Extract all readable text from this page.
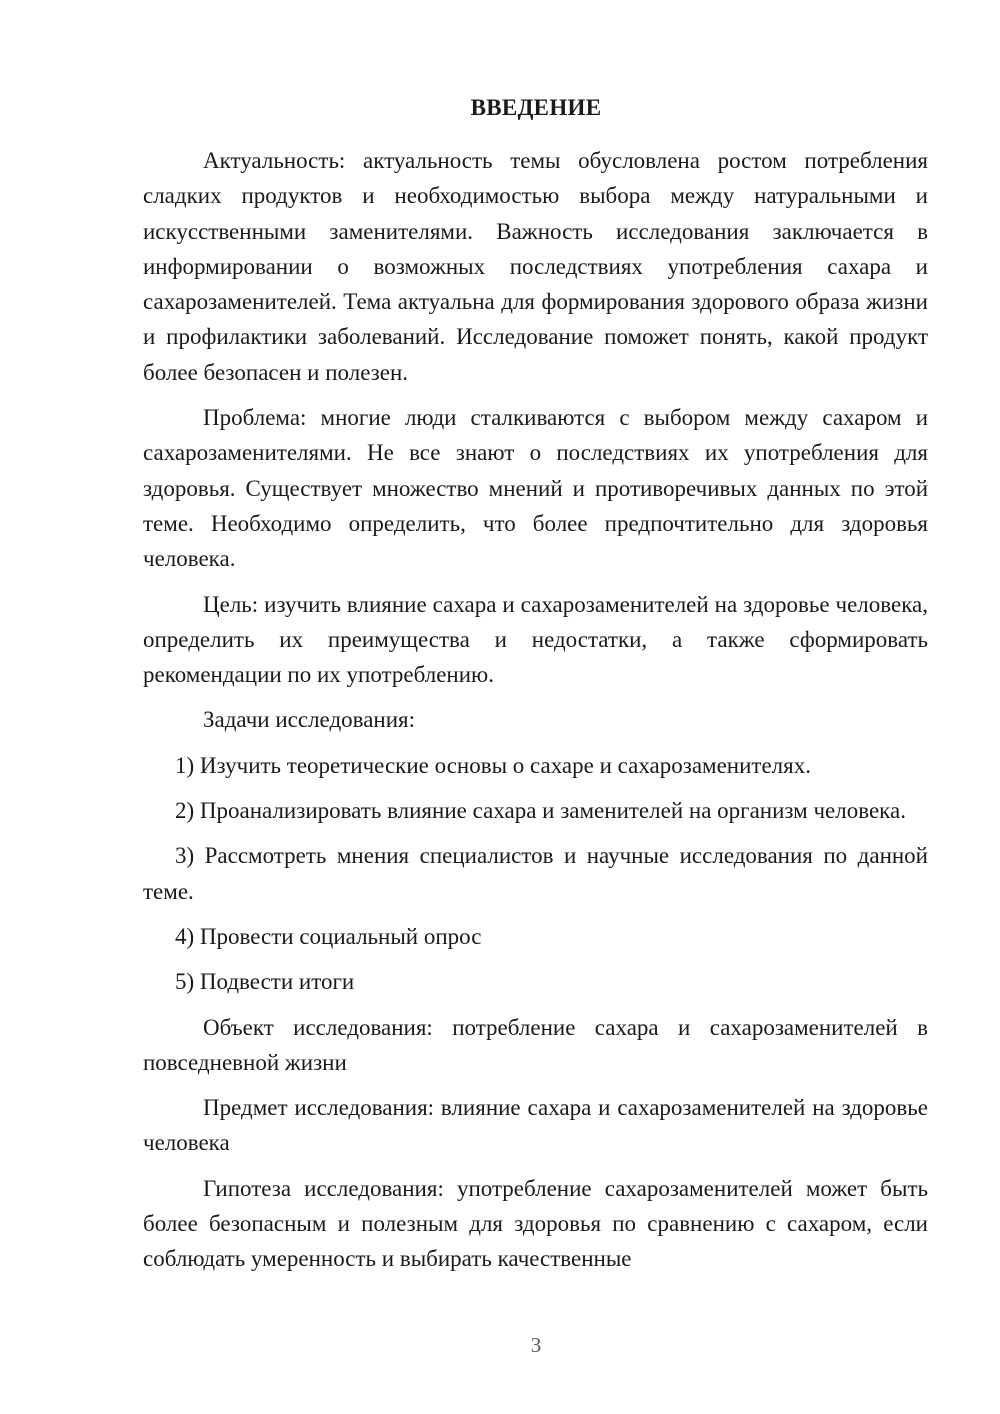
ВВЕДЕНИЕ

Актуальность: актуальность темы обусловлена ростом потребления сладких продуктов и необходимостью выбора между натуральными и искусственными заменителями. Важность исследования заключается в информировании о возможных последствиях употребления сахара и сахарозаменителей. Тема актуальна для формирования здорового образа жизни и профилактики заболеваний. Исследование поможет понять, какой продукт более безопасен и полезен.

Проблема: многие люди сталкиваются с выбором между сахаром и сахарозаменителями. Не все знают о последствиях их употребления для здоровья. Существует множество мнений и противоречивых данных по этой теме. Необходимо определить, что более предпочтительно для здоровья человека.

Цель: изучить влияние сахара и сахарозаменителей на здоровье человека, определить их преимущества и недостатки, а также сформировать рекомендации по их употреблению.

Задачи исследования:

1) Изучить теоретические основы о сахаре и сахарозаменителях.

2) Проанализировать влияние сахара и заменителей на организм человека.

3) Рассмотреть мнения специалистов и научные исследования по данной теме.

4) Провести социальный опрос

5) Подвести итоги

Объект исследования: потребление сахара и сахарозаменителей в повседневной жизни

Предмет исследования: влияние сахара и сахарозаменителей на здоровье человека

Гипотеза исследования: употребление сахарозаменителей может быть более безопасным и полезным для здоровья по сравнению с сахаром, если соблюдать умеренность и выбирать качественные

3
